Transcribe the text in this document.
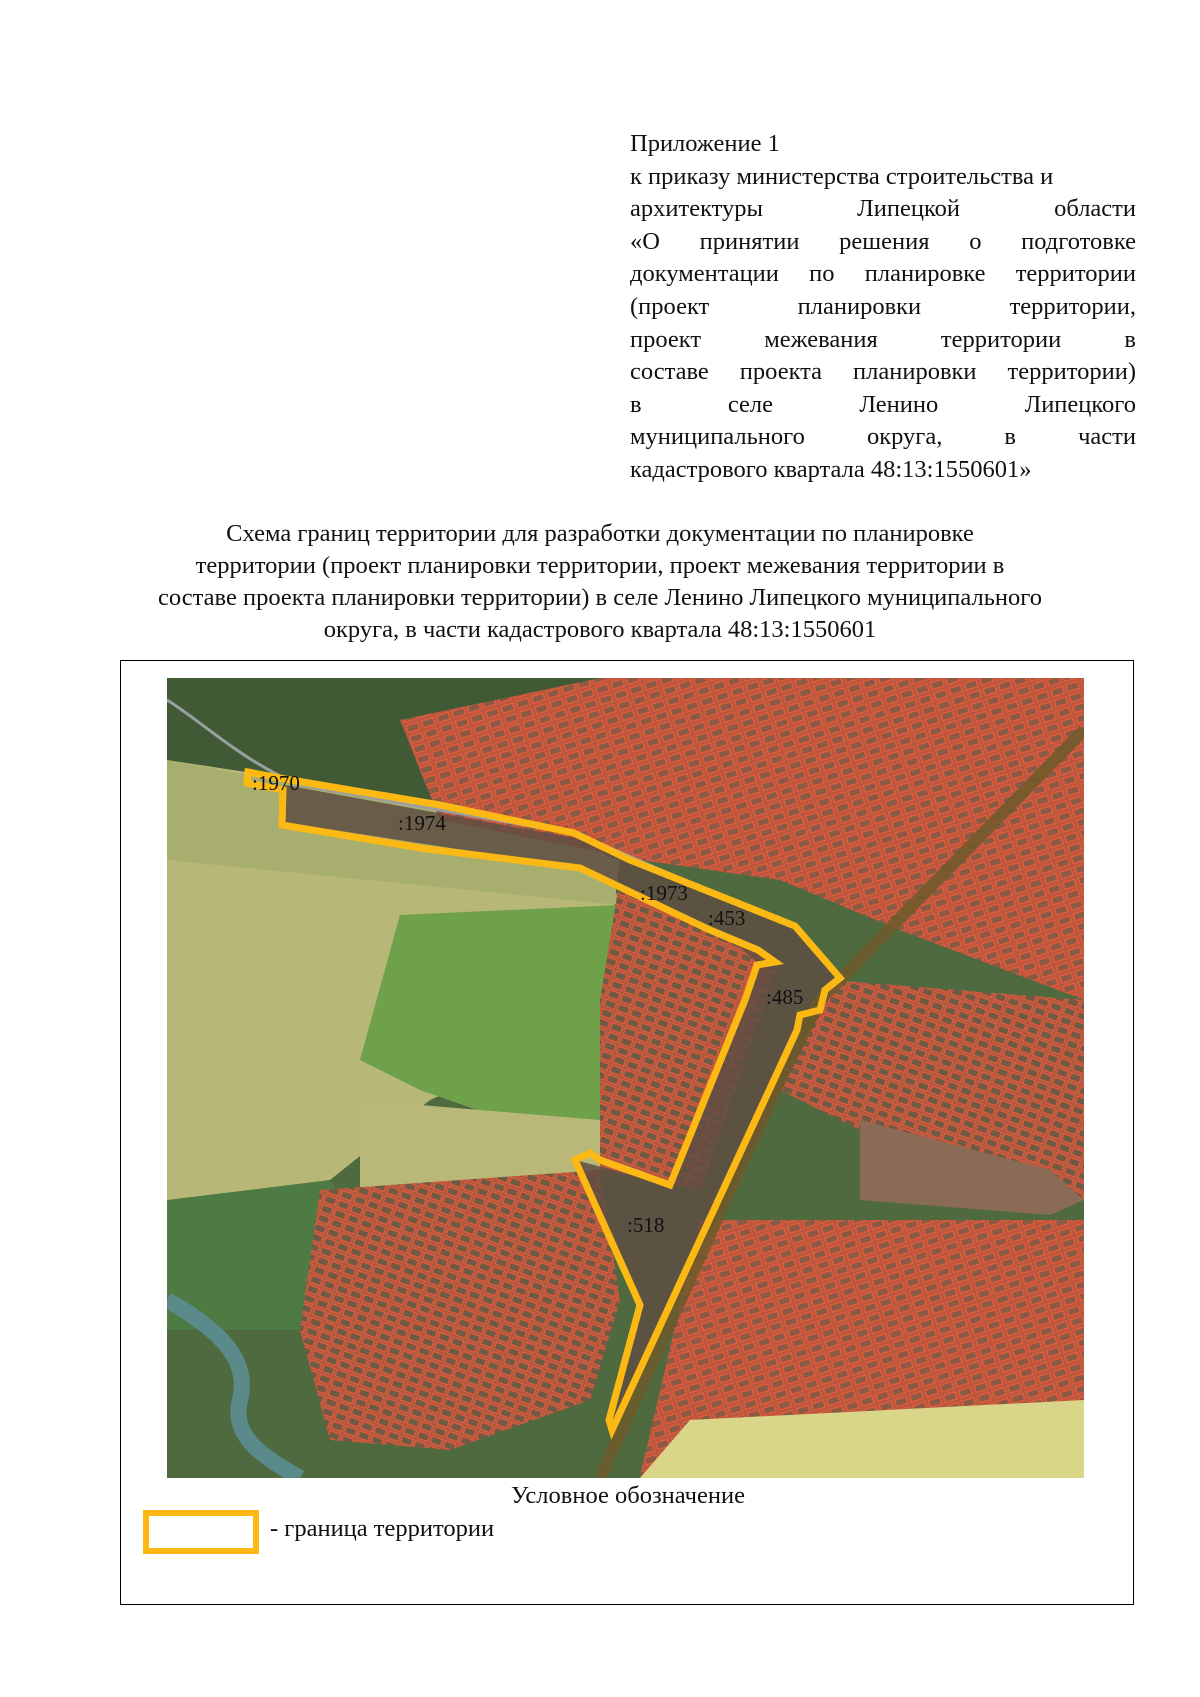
Приложение 1
к приказу министерства строительства и
архитектуры Липецкой области
«О принятии решения о подготовке
документации по планировке территории
(проект планировки территории,
проект межевания территории в
составе проекта планировки территории)
в селе Ленино Липецкого
муниципального округа, в части
кадастрового квартала 48:13:1550601»
Схема границ территории для разработки документации по планировке
территории (проект планировки территории, проект межевания территории в
составе проекта планировки территории) в селе Ленино Липецкого муниципального
округа, в части кадастрового квартала 48:13:1550601
:1970
:1974
:1973
:453
:485
:518
Условное обозначение
- граница территории
